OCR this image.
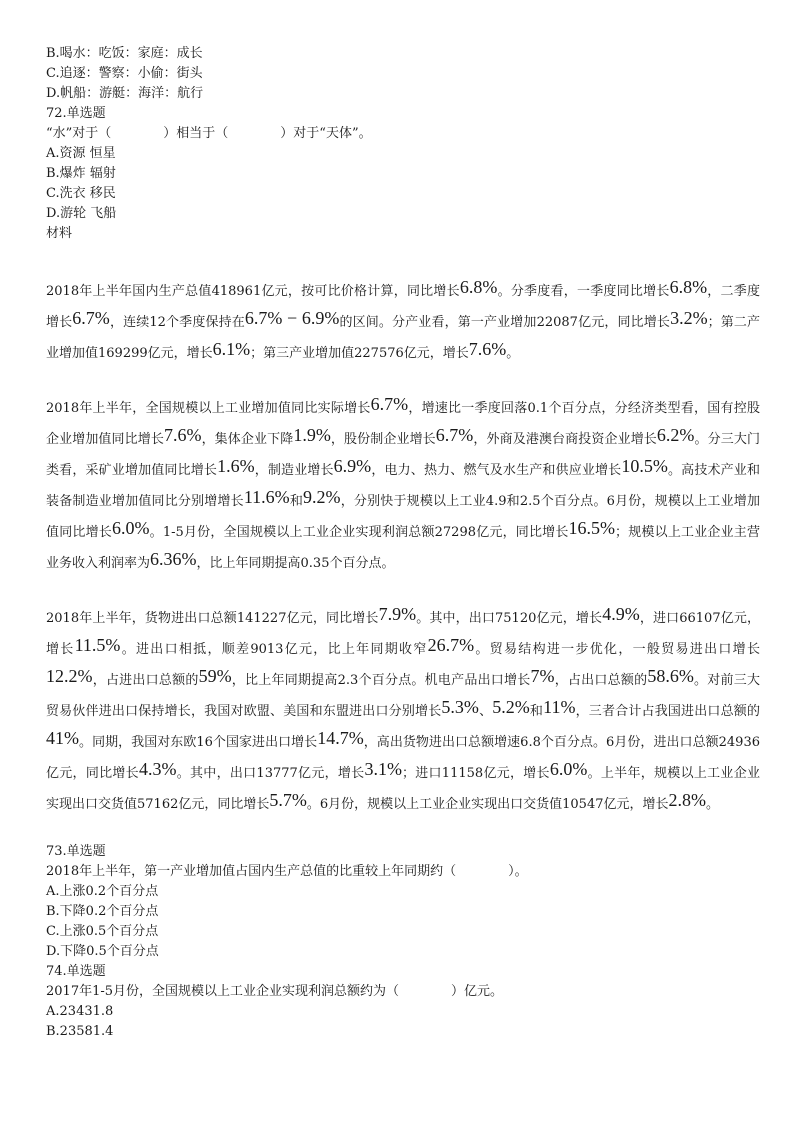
B.喝水：吃饭：家庭：成长
C.追逐：警察：小偷：街头
D.帆船：游艇：海洋：航行
72.单选题
“水”对于（　　　　）相当于（　　　　）对于“天体”。
A.资源 恒星
B.爆炸 辐射
C.洗衣 移民
D.游轮 飞船
材料
2018年上半年国内生产总值418961亿元，按可比价格计算，同比增长6.8%。分季度看，一季度同比增长6.8%，二季度增长6.7%，连续12个季度保持在6.7% − 6.9%的区间。分产业看，第一产业增加22087亿元，同比增长3.2%；第二产业增加值169299亿元，增长6.1%；第三产业增加值227576亿元，增长7.6%。
2018年上半年，全国规模以上工业增加值同比实际增长6.7%，增速比一季度回落0.1个百分点，分经济类型看，国有控股企业增加值同比增长7.6%，集体企业下降1.9%，股份制企业增长6.7%，外商及港澳台商投资企业增长6.2%。分三大门类看，采矿业增加值同比增长1.6%，制造业增长6.9%，电力、热力、燃气及水生产和供应业增长10.5%。高技术产业和装备制造业增加值同比分别增增长11.6%和9.2%，分别快于规模以上工业4.9和2.5个百分点。6月份，规模以上工业增加值同比增长6.0%。1-5月份，全国规模以上工业企业实现利润总额27298亿元，同比增长16.5%；规模以上工业企业主营业务收入利润率为6.36%，比上年同期提高0.35个百分点。
2018年上半年，货物进出口总额141227亿元，同比增长7.9%。其中，出口75120亿元，增长4.9%，进口66107亿元，增长11.5%。进出口相抵，顺差9013亿元，比上年同期收窄26.7%。贸易结构进一步优化，一般贸易进出口增长12.2%，占进出口总额的59%，比上年同期提高2.3个百分点。机电产品出口增长7%，占出口总额的58.6%。对前三大贸易伙伴进出口保持增长，我国对欧盟、美国和东盟进出口分别增长5.3%、5.2%和11%，三者合计占我国进出口总额的41%。同期，我国对东欧16个国家进出口增长14.7%，高出货物进出口总额增速6.8个百分点。6月份，进出口总额24936亿元，同比增长4.3%。其中，出口13777亿元，增长3.1%；进口11158亿元，增长6.0%。上半年，规模以上工业企业实现出口交货值57162亿元，同比增长5.7%。6月份，规模以上工业企业实现出口交货值10547亿元，增长2.8%。
73.单选题
2018年上半年，第一产业增加值占国内生产总值的比重较上年同期约（　　　　）。
A.上涨0.2个百分点
B.下降0.2个百分点
C.上涨0.5个百分点
D.下降0.5个百分点
74.单选题
2017年1-5月份，全国规模以上工业企业实现利润总额约为（　　　　）亿元。
A.23431.8
B.23581.4
